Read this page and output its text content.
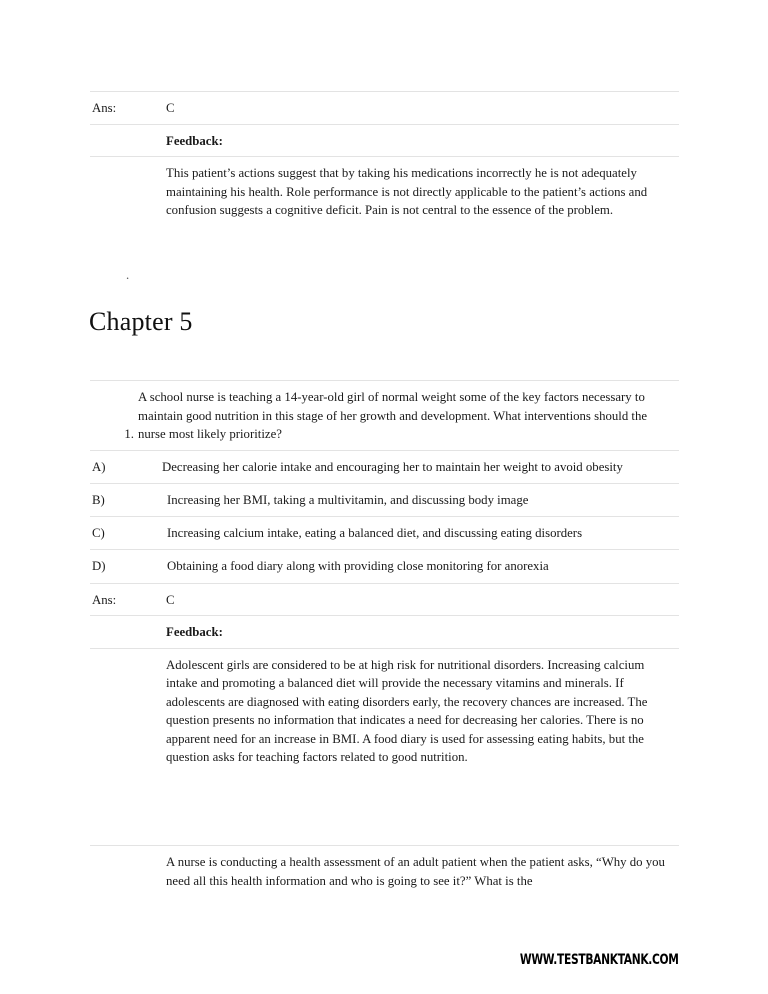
Ans:	C
Feedback:
This patient’s actions suggest that by taking his medications incorrectly he is not adequately maintaining his health. Role performance is not directly applicable to the patient’s actions and confusion suggests a cognitive deficit. Pain is not central to the essence of the problem.
.
Chapter 5
1.
A school nurse is teaching a 14-year-old girl of normal weight some of the key factors necessary to maintain good nutrition in this stage of her growth and development. What interventions should the nurse most likely prioritize?
A)	Decreasing her calorie intake and encouraging her to maintain her weight to avoid obesity
B)	Increasing her BMI, taking a multivitamin, and discussing body image
C)	Increasing calcium intake, eating a balanced diet, and discussing eating disorders
D)	Obtaining a food diary along with providing close monitoring for anorexia
Ans:	C
Feedback:
Adolescent girls are considered to be at high risk for nutritional disorders. Increasing calcium intake and promoting a balanced diet will provide the necessary vitamins and minerals. If adolescents are diagnosed with eating disorders early, the recovery chances are increased. The question presents no information that indicates a need for decreasing her calories. There is no apparent need for an increase in BMI. A food diary is used for assessing eating habits, but the question asks for teaching factors related to good nutrition.
A nurse is conducting a health assessment of an adult patient when the patient asks, “Why do you need all this health information and who is going to see it?” What is the
WWW.TESTBANKTANK.COM
